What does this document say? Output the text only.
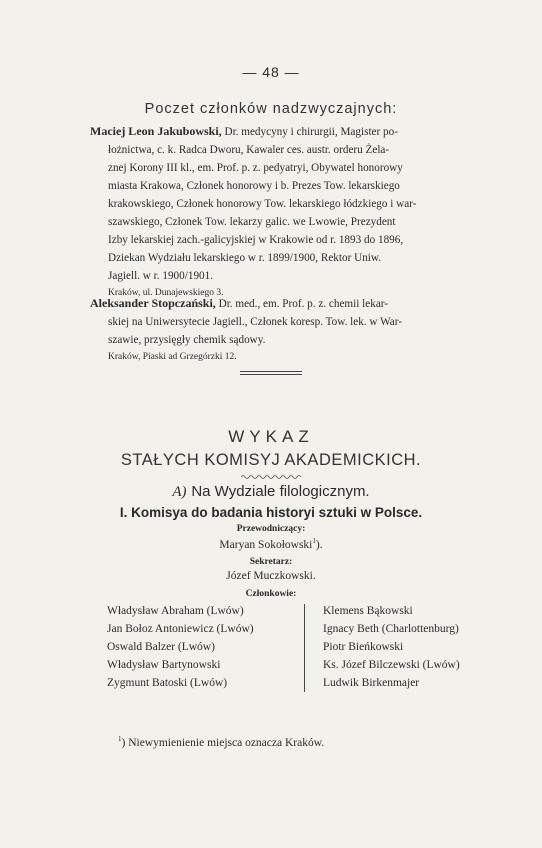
— 48 —
Poczet członków nadzwyczajnych:
Maciej Leon Jakubowski, Dr. medycyny i chirurgii, Magister po-
łożnictwa, c. k. Radca Dworu, Kawaler ces. austr. orderu Żela-
znej Korony III kl., em. Prof. p. z. pedyatryi, Obywatel honorowy
miasta Krakowa, Członek honorowy i b. Prezes Tow. lekarskiego
krakowskiego, Członek honorowy Tow. lekarskiego łódzkiego i war-
szawskiego, Członek Tow. lekarzy galic. we Lwowie, Prezydent
Izby lekarskiej zach.-galicyjskiej w Krakowie od r. 1893 do 1896,
Dziekan Wydziału lekarskiego w r. 1899/1900, Rektor Uniw.
Jagiell. w r. 1900/1901.
Kraków, ul. Dunajewskiego 3.
Aleksander Stopczański, Dr. med., em. Prof. p. z. chemii lekar-
skiej na Uniwersytecie Jagiell., Członek koresp. Tow. lek. w War-
szawie, przysięgły chemik sądowy.
Kraków, Piaski ad Grzegórzki 12.
WYKAZ
STAŁYCH KOMISYJ AKADEMICKICH.
A) Na Wydziale filologicznym.
I. Komisya do badania historyi sztuki w Polsce.
Przewodniczący:
Maryan Sokołowski$^1$).
Sekretarz:
Józef Muczkowski.
Członkowie:
Władysław Abraham (Lwów)
Jan Bołoz Antoniewicz (Lwów)
Oswald Balzer (Lwów)
Władysław Bartynowski
Zygmunt Batoski (Lwów)
Klemens Bąkowski
Ignacy Beth (Charlottenburg)
Piotr Bieńkowski
Ks. Józef Bilczewski (Lwów)
Ludwik Birkenmajer
$^1$) Niewymienienie miejsca oznacza Kraków.
